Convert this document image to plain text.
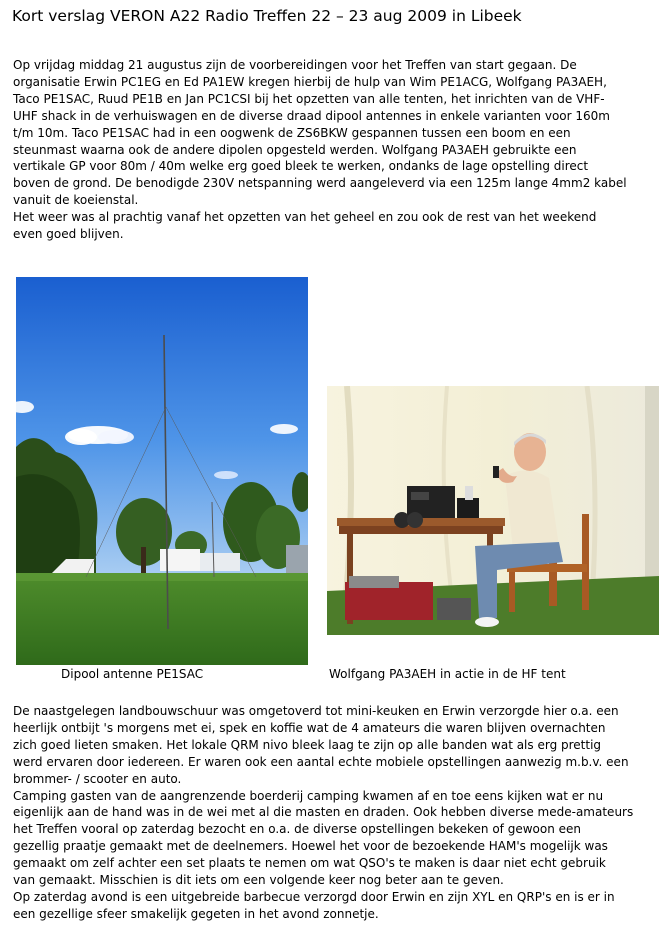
Kort verslag VERON A22 Radio Treffen 22 – 23 aug 2009 in Libeek
Op vrijdag middag 21 augustus zijn de voorbereidingen voor het Treffen van start gegaan. De
organisatie Erwin PC1EG en Ed PA1EW kregen hierbij de hulp van Wim PE1ACG, Wolfgang PA3AEH,
Taco PE1SAC, Ruud PE1B en Jan PC1CSI bij het opzetten van alle tenten, het inrichten van de VHF-
UHF shack in de verhuiswagen en de diverse draad dipool antennes in enkele varianten voor 160m
t/m 10m. Taco PE1SAC had in een oogwenk de ZS6BKW gespannen tussen een boom en een
steunmast waarna ook de andere dipolen opgesteld werden. Wolfgang PA3AEH gebruikte een
vertikale GP voor 80m / 40m welke erg goed bleek te werken, ondanks de lage opstelling direct
boven de grond. De benodigde 230V netspanning werd aangeleverd via een 125m lange 4mm2 kabel
vanuit de koeienstal.
Het weer was al prachtig vanaf het opzetten van het geheel en zou ook de rest van het weekend
even goed blijven.
Dipool antenne PE1SAC	Wolfgang PA3AEH in actie in de HF tent
De naastgelegen landbouwschuur was omgetoverd tot mini-keuken en Erwin verzorgde hier o.a. een
heerlijk ontbijt 's morgens met ei, spek en koffie wat de 4 amateurs die waren blijven overnachten
zich goed lieten smaken. Het lokale QRM nivo bleek laag te zijn op alle banden wat als erg prettig
werd ervaren door iedereen. Er waren ook een aantal echte mobiele opstellingen aanwezig m.b.v. een
brommer- / scooter en auto.
Camping gasten van de aangrenzende boerderij camping kwamen af en toe eens kijken wat er nu
eigenlijk aan de hand was in de wei met al die masten en draden. Ook hebben diverse mede-amateurs
het Treffen vooral op zaterdag bezocht en o.a. de diverse opstellingen bekeken of gewoon een
gezellig praatje gemaakt met de deelnemers. Hoewel het voor de bezoekende HAM's mogelijk was
gemaakt om zelf achter een set plaats te nemen om wat QSO's te maken is daar niet echt gebruik
van gemaakt. Misschien is dit iets om een volgende keer nog beter aan te geven.
Op zaterdag avond is een uitgebreide barbecue verzorgd door Erwin en zijn XYL en QRP's en is er in
een gezellige sfeer smakelijk gegeten in het avond zonnetje.
